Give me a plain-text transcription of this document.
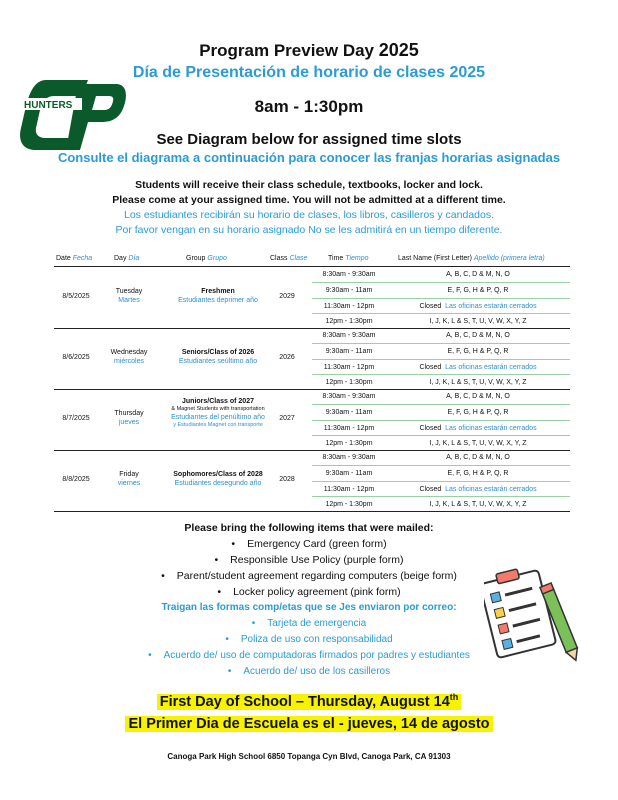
HUNTERS
Program Preview Day 2025
Día de Presentación de horario de clases 2025
8am - 1:30pm
See Diagram below for assigned time slots
Consulte el diagrama a continuación para conocer las franjas horarias asignadas
Students will receive their class schedule, textbooks, locker and lock.
Please come at your assigned time. You will not be admitted at a different time.
Los estudiantes recibirán su horario de clases, los libros, casilleros y candados.
Por favor vengan en su horario asignado No se les admitirá en un tiempo diferente.
Date Fecha	Day Día	Group Grupo	Class Clase	Time Tiempo	Last Name (First Letter) Apellido (primera letra)
8/5/2025
Tuesday
Martes
Freshmen
Estudiantes deprimer año
2029
8:30am - 9:30am	A, B, C, D & M, N, O
9:30am - 11am	E, F, G, H & P, Q, R
11:30am - 12pm	Closed Las oficinas estarán cerrados
12pm - 1:30pm	I, J, K, L & S, T, U, V, W, X, Y, Z
8/6/2025
Wednesday
miércoles
Seniors/Class of 2026
Estudiantes seúltimo año
2026
8:30am - 9:30am	A, B, C, D & M, N, O
9:30am - 11am	E, F, G, H & P, Q, R
11:30am - 12pm	Closed Las oficinas estarán cerrados
12pm - 1:30pm	I, J, K, L & S, T, U, V, W, X, Y, Z
8/7/2025
Thursday
jueves
Juniors/Class of 2027
& Magnet Students with transportation
Estudiantes del penúltimo año
y Estudiantes Magnet con transporte
2027
8:30am - 9:30am	A, B, C, D & M, N, O
9:30am - 11am	E, F, G, H & P, Q, R
11:30am - 12pm	Closed Las oficinas estarán cerrados
12pm - 1:30pm	I, J, K, L & S, T, U, V, W, X, Y, Z
8/8/2025
Friday
viernes
Sophomores/Class of 2028
Estudiantes desegundo año
2028
8:30am - 9:30am	A, B, C, D & M, N, O
9:30am - 11am	E, F, G, H & P, Q, R
11:30am - 12pm	Closed Las oficinas estarán cerrados
12pm - 1:30pm	I, J, K, L & S, T, U, V, W, X, Y, Z
Please bring the following items that were mailed:
• Emergency Card (green form)
• Responsible Use Policy (purple form)
• Parent/student agreement regarding computers (beige form)
• Locker policy agreement (pink form)
Traigan las formas comp/etas que se Jes enviaron por correo:
• Tarjeta de emergencia
• Poliza de uso con responsabilidad
• Acuerdo de/ uso de computadoras firmados por padres y estudiantes
• Acuerdo de/ uso de los casilleros
First Day of School – Thursday, August 14th
El Primer Dia de Escuela es el - jueves, 14 de agosto
Canoga Park High School 6850 Topanga Cyn Blvd, Canoga Park, CA 91303
